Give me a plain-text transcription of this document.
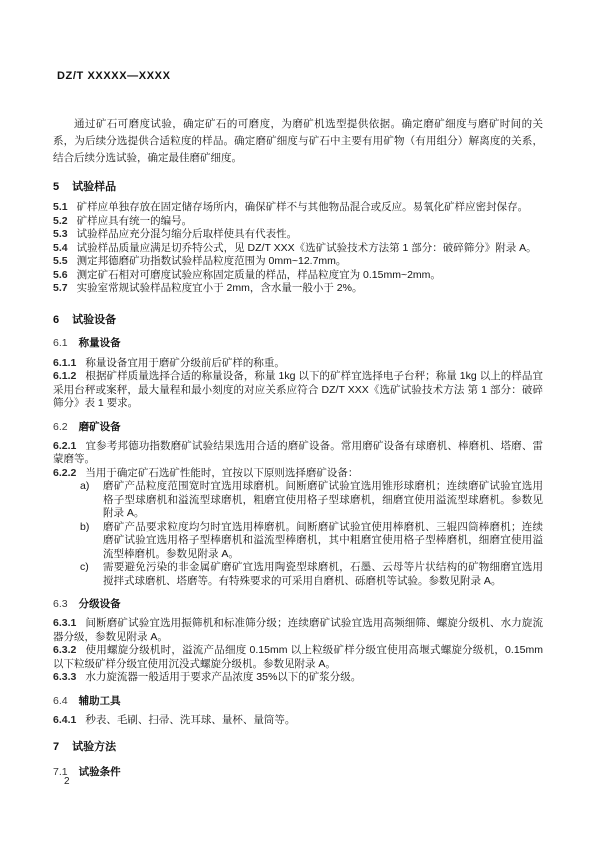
DZ/T XXXXX—XXXX

通过矿石可磨度试验，确定矿石的可磨度，为磨矿机选型提供依据。确定磨矿细度与磨矿时间的关系，为后续分选提供合适粒度的样品。确定磨矿细度与矿石中主要有用矿物（有用组分）解离度的关系，结合后续分选试验，确定最佳磨矿细度。

5 试验样品

5.1 矿样应单独存放在固定储存场所内，确保矿样不与其他物品混合或反应。易氧化矿样应密封保存。

5.2 矿样应具有统一的编号。

5.3 试验样品应充分混匀缩分后取样使具有代表性。

5.4 试验样品质量应满足切乔特公式，见 DZ/T XXX《选矿试验技术方法第 1 部分：破碎筛分》附录 A。

5.5 测定邦德磨矿功指数试验样品粒度范围为 0mm~12.7mm。

5.6 测定矿石相对可磨度试验应称固定质量的样品，样品粒度宜为 0.15mm~2mm。

5.7 实验室常规试验样品粒度宜小于 2mm，含水量一般小于 2%。

6 试验设备
6.1 称量设备

6.1.1 称量设备宜用于磨矿分级前后矿样的称重。

6.1.2 根据矿样质量选择合适的称量设备，称量 1kg 以下的矿样宜选择电子台秤；称量 1kg 以上的样品宜采用台秤或案秤，最大量程和最小刻度的对应关系应符合 DZ/T XXX《选矿试验技术方法 第 1 部分：破碎筛分》表 1 要求。

6.2 磨矿设备

6.2.1 宜参考邦德功指数磨矿试验结果选用合适的磨矿设备。常用磨矿设备有球磨机、棒磨机、塔磨、雷蒙磨等。

6.2.2 当用于确定矿石选矿性能时，宜按以下原则选择磨矿设备：

a) 磨矿产品粒度范围宽时宜选用球磨机。间断磨矿试验宜选用锥形球磨机；连续磨矿试验宜选用格子型球磨机和溢流型球磨机，粗磨宜使用格子型球磨机，细磨宜使用溢流型球磨机。参数见附录 A。
b) 磨矿产品要求粒度均匀时宜选用棒磨机。间断磨矿试验宜使用棒磨机、三辊四筒棒磨机；连续磨矿试验宜选用格子型棒磨机和溢流型棒磨机，其中粗磨宜使用格子型棒磨机，细磨宜使用溢流型棒磨机。参数见附录 A。
c) 需要避免污染的非金属矿磨矿宜选用陶瓷型球磨机，石墨、云母等片状结构的矿物细磨宜选用搅拌式球磨机、塔磨等。有特殊要求的可采用自磨机、砾磨机等试验。参数见附录 A。
6.3 分级设备

6.3.1 间断磨矿试验宜选用振筛机和标准筛分级；连续磨矿试验宜选用高频细筛、螺旋分级机、水力旋流器分级，参数见附录 A。

6.3.2 使用螺旋分级机时，溢流产品细度 0.15mm 以上粒级矿样分级宜使用高堰式螺旋分级机，0.15mm 以下粒级矿样分级宜使用沉没式螺旋分级机。参数见附录 A。

6.3.3 水力旋流器一般适用于要求产品浓度 35%以下的矿浆分级。

6.4 辅助工具

6.4.1 秒表、毛刷、扫帚、洗耳球、量杯、量筒等。

7 试验方法
7.1 试验条件
2
